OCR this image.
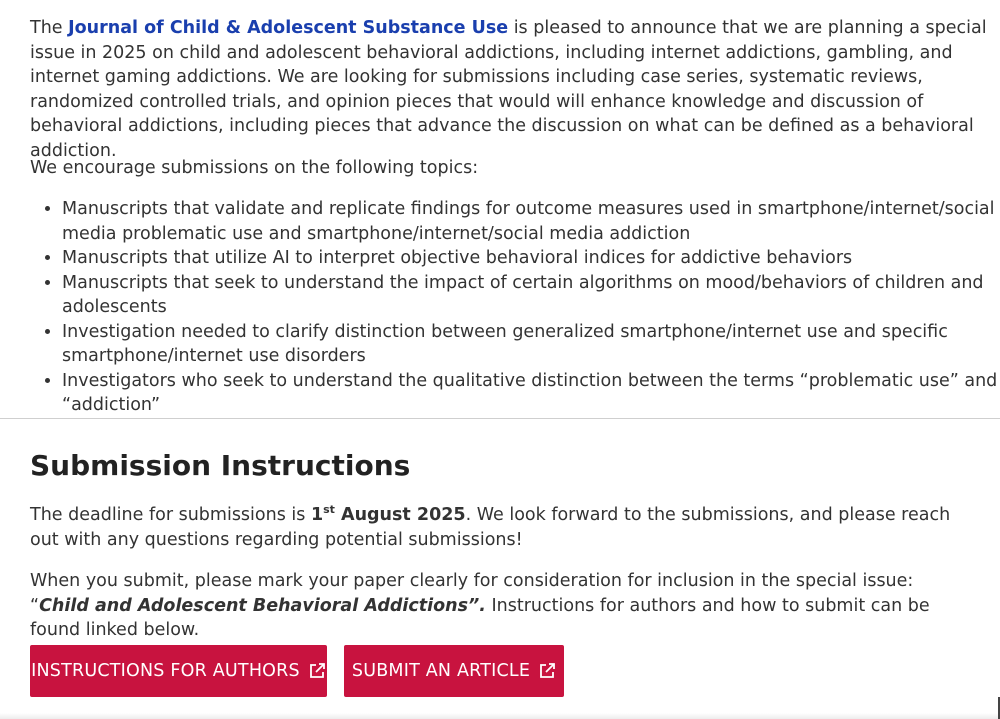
The Journal of Child & Adolescent Substance Use is pleased to announce that we are planning a special issue in 2025 on child and adolescent behavioral addictions, including internet addictions, gambling, and internet gaming addictions. We are looking for submissions including case series, systematic reviews, randomized controlled trials, and opinion pieces that would will enhance knowledge and discussion of behavioral addictions, including pieces that advance the discussion on what can be defined as a behavioral addiction.

We encourage submissions on the following topics:

• Manuscripts that validate and replicate findings for outcome measures used in smartphone/internet/social media problematic use and smartphone/internet/social media addiction
• Manuscripts that utilize AI to interpret objective behavioral indices for addictive behaviors
• Manuscripts that seek to understand the impact of certain algorithms on mood/behaviors of children and adolescents
• Investigation needed to clarify distinction between generalized smartphone/internet use and specific smartphone/internet use disorders
• Investigators who seek to understand the qualitative distinction between the terms “problematic use” and “addiction”
Submission Instructions

The deadline for submissions is 1st August 2025. We look forward to the submissions, and please reach out with any questions regarding potential submissions!

When you submit, please mark your paper clearly for consideration for inclusion in the special issue: “Child and Adolescent Behavioral Addictions”. Instructions for authors and how to submit can be found linked below.

INSTRUCTIONS FOR AUTHORS	SUBMIT AN ARTICLE
